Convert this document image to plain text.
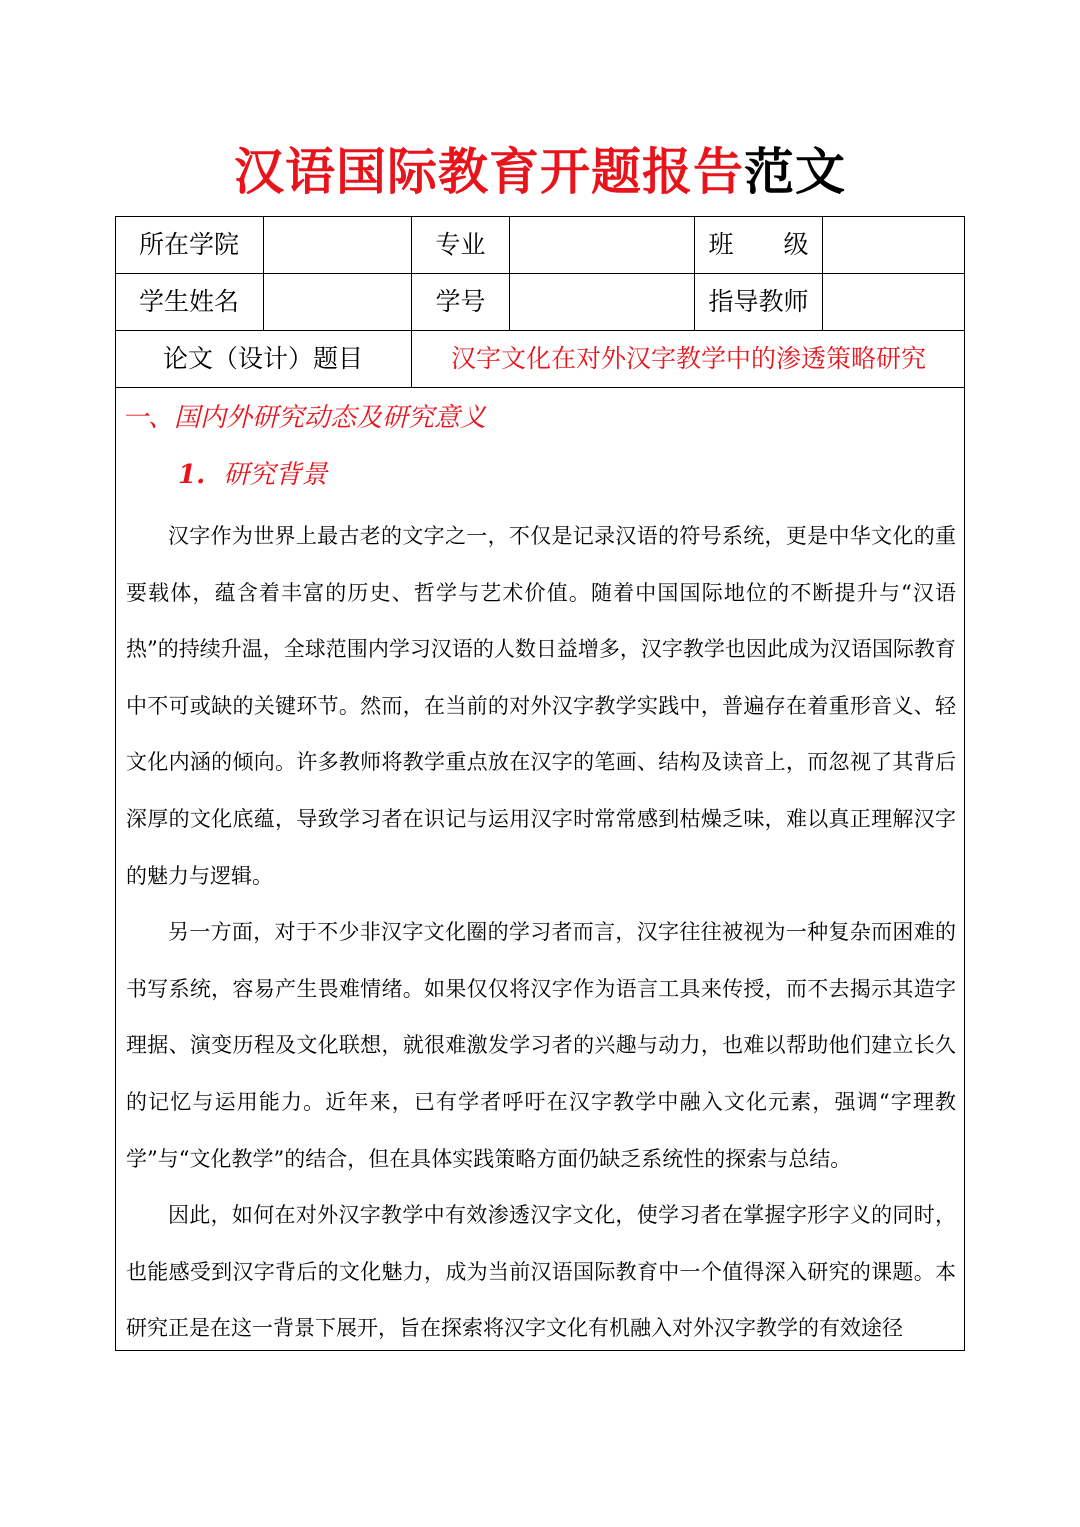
汉语国际教育开题报告范文
所在学院	专业	班　　级
学生姓名	学号	指导教师
论文（设计）题目	汉字文化在对外汉字教学中的渗透策略研究
一、国内外研究动态及研究意义
1. 研究背景

汉字作为世界上最古老的文字之一，不仅是记录汉语的符号系统，更是中华文化的重要载体，蕴含着丰富的历史、哲学与艺术价值。随着中国国际地位的不断提升与“汉语热”的持续升温，全球范围内学习汉语的人数日益增多，汉字教学也因此成为汉语国际教育中不可或缺的关键环节。然而，在当前的对外汉字教学实践中，普遍存在着重形音义、轻文化内涵的倾向。许多教师将教学重点放在汉字的笔画、结构及读音上，而忽视了其背后深厚的文化底蕴，导致学习者在识记与运用汉字时常常感到枯燥乏味，难以真正理解汉字的魅力与逻辑。

另一方面，对于不少非汉字文化圈的学习者而言，汉字往往被视为一种复杂而困难的书写系统，容易产生畏难情绪。如果仅仅将汉字作为语言工具来传授，而不去揭示其造字理据、演变历程及文化联想，就很难激发学习者的兴趣与动力，也难以帮助他们建立长久的记忆与运用能力。近年来，已有学者呼吁在汉字教学中融入文化元素，强调“字理教学”与“文化教学”的结合，但在具体实践策略方面仍缺乏系统性的探索与总结。

因此，如何在对外汉字教学中有效渗透汉字文化，使学习者在掌握字形字义的同时，也能感受到汉字背后的文化魅力，成为当前汉语国际教育中一个值得深入研究的课题。本研究正是在这一背景下展开，旨在探索将汉字文化有机融入对外汉字教学的有效途径
